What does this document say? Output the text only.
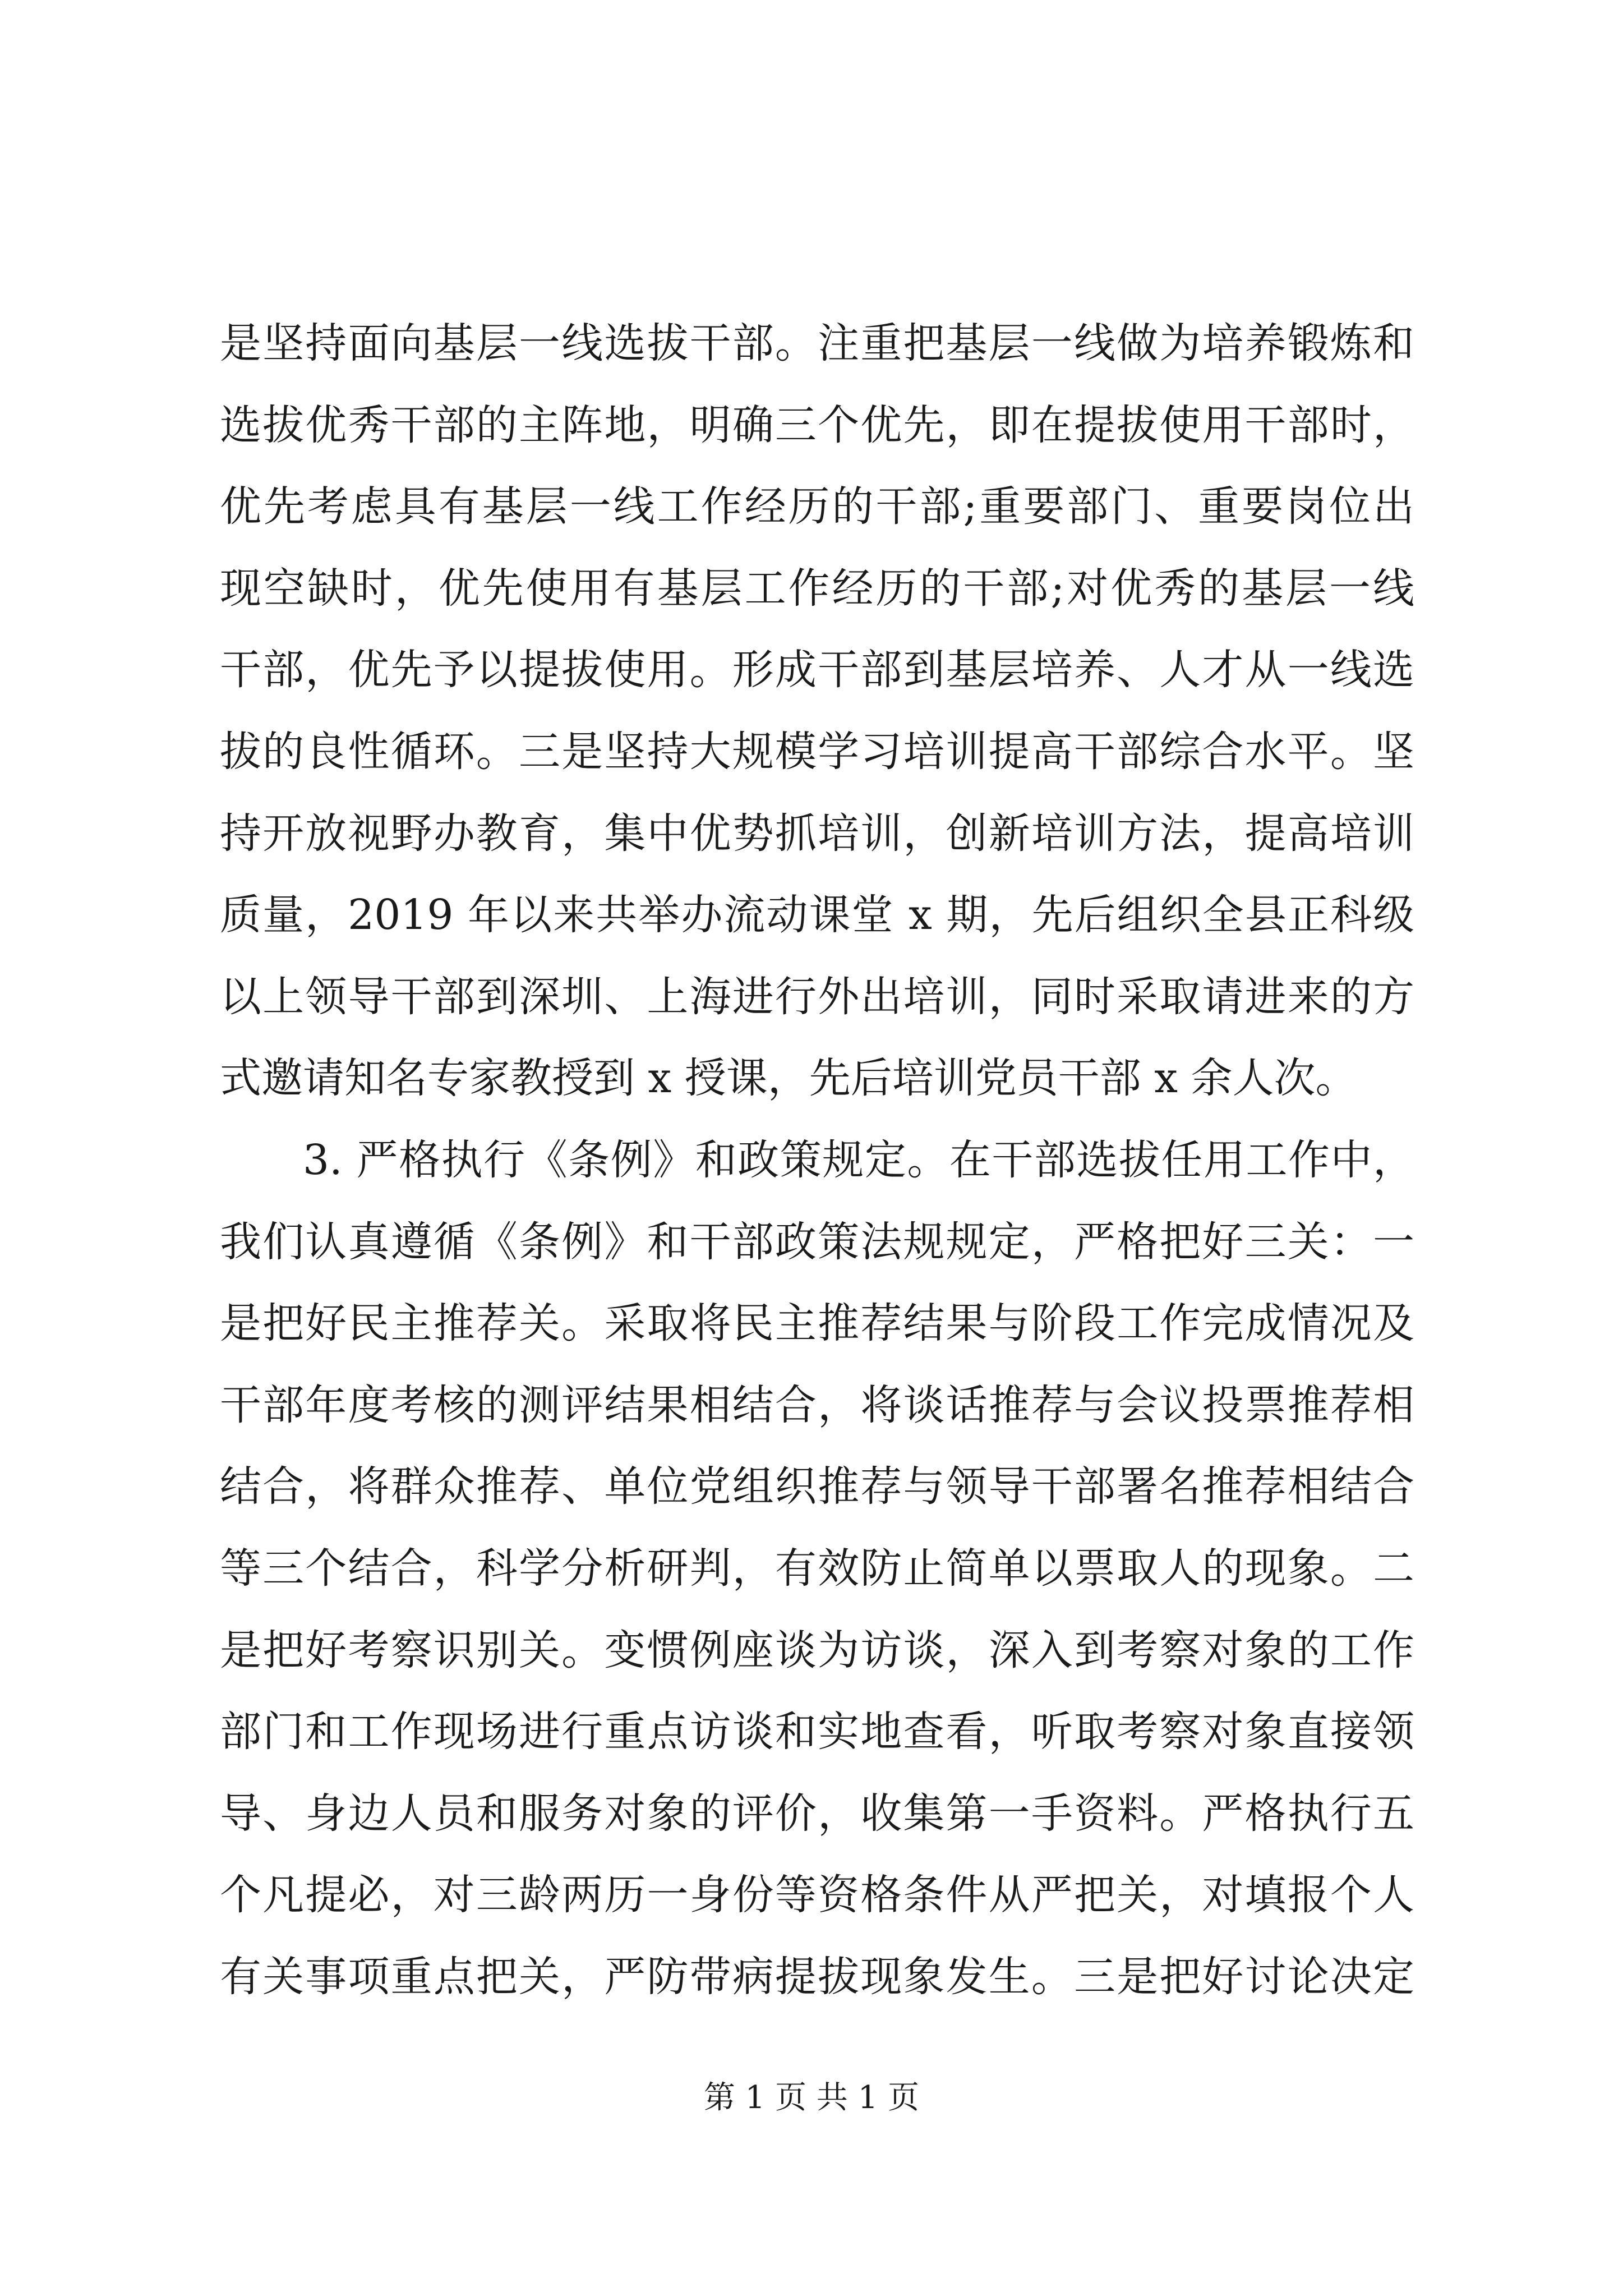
是坚持面向基层一线选拔干部。注重把基层一线做为培养锻炼和
选拔优秀干部的主阵地，明确三个优先，即在提拔使用干部时，
优先考虑具有基层一线工作经历的干部;重要部门、重要岗位出
现空缺时，优先使用有基层工作经历的干部;对优秀的基层一线
干部，优先予以提拔使用。形成干部到基层培养、人才从一线选
拔的良性循环。三是坚持大规模学习培训提高干部综合水平。坚
持开放视野办教育，集中优势抓培训，创新培训方法，提高培训
质量，2019 年以来共举办流动课堂 x 期，先后组织全县正科级
以上领导干部到深圳、上海进行外出培训，同时采取请进来的方
式邀请知名专家教授到 x 授课，先后培训党员干部 x 余人次。
3. 严格执行《条例》和政策规定。在干部选拔任用工作中，
我们认真遵循《条例》和干部政策法规规定，严格把好三关：一
是把好民主推荐关。采取将民主推荐结果与阶段工作完成情况及
干部年度考核的测评结果相结合，将谈话推荐与会议投票推荐相
结合，将群众推荐、单位党组织推荐与领导干部署名推荐相结合
等三个结合，科学分析研判，有效防止简单以票取人的现象。二
是把好考察识别关。变惯例座谈为访谈，深入到考察对象的工作
部门和工作现场进行重点访谈和实地查看，听取考察对象直接领
导、身边人员和服务对象的评价，收集第一手资料。严格执行五
个凡提必，对三龄两历一身份等资格条件从严把关，对填报个人
有关事项重点把关，严防带病提拔现象发生。三是把好讨论决定
第 1 页 共 1 页
